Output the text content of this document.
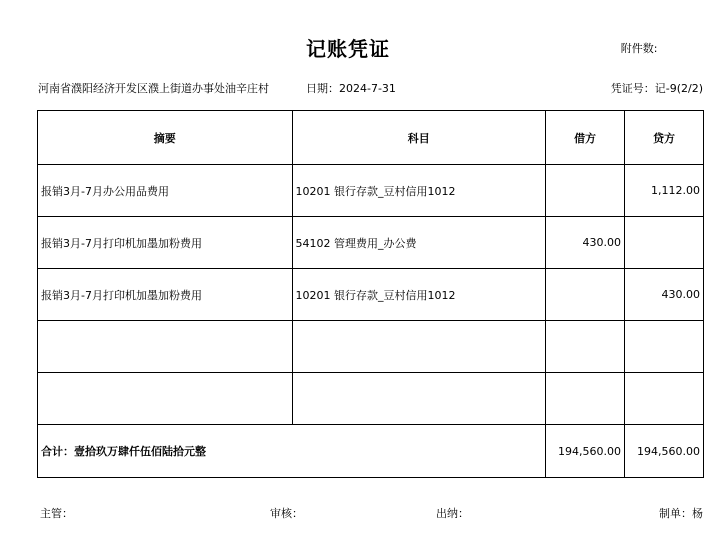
记账凭证	附件数:
河南省濮阳经济开发区濮上街道办事处油辛庄村	日期：2024-7-31	凭证号：记-9(2/2)
摘要	科目	借方	贷方
报销3月-7月办公用品费用	10201 银行存款_豆村信用1012		1,112.00
报销3月-7月打印机加墨加粉费用	54102 管理费用_办公费	430.00	
报销3月-7月打印机加墨加粉费用	10201 银行存款_豆村信用1012		430.00

合计：壹拾玖万肆仟伍佰陆拾元整		194,560.00	194,560.00
主管：	审核：	出纳：	制单：杨
